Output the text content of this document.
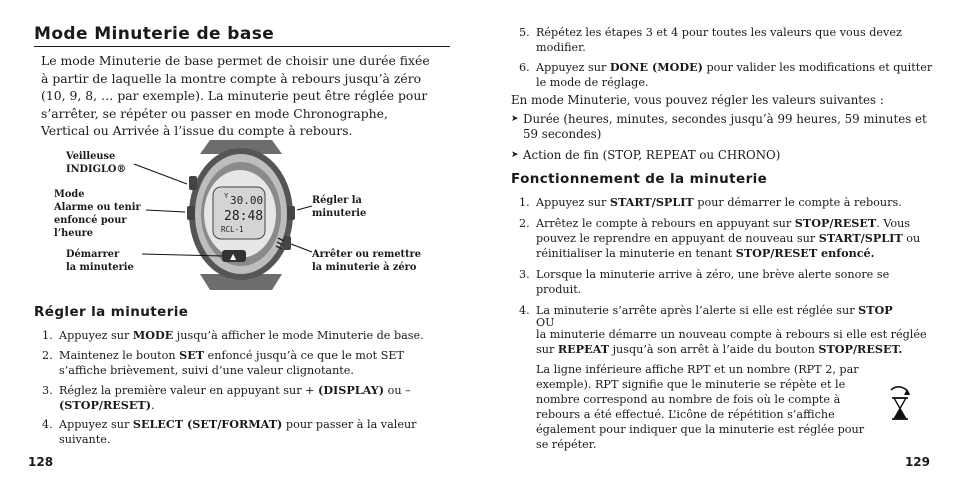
Mode Minuterie de base

Le mode Minuterie de base permet de choisir une durée fixée à partir de laquelle la montre compte à rebours jusqu’à zéro (10, 9, 8, … par exemple). La minuterie peut être réglée pour s’arrêter, se répéter ou passer en mode Chronographe, Vertical ou Arrivée à l’issue du compte à rebours.

Veilleuse
INDIGLO®
Mode
Alarme ou tenir
enfoncé pour
l’heure
Démarrer
la minuterie
Régler la
minuterie
Arrêter ou remettre
la minuterie à zéro
Y 30.00
28:48
RCL-1
▲
Régler la minuterie
1. Appuyez sur MODE jusqu’à afficher le mode Minuterie de base.
2. Maintenez le bouton SET enfoncé jusqu’à ce que le mot SET s’affiche brièvement, suivi d’une valeur clignotante.
3. Réglez la première valeur en appuyant sur + (DISPLAY) ou – (STOP/RESET).
4. Appuyez sur SELECT (SET/FORMAT) pour passer à la valeur suivante.
128
5. Répétez les étapes 3 et 4 pour toutes les valeurs que vous devez modifier.
6. Appuyez sur DONE (MODE) pour valider les modifications et quitter le mode de réglage.

En mode Minuterie, vous pouvez régler les valeurs suivantes :

➤ Durée (heures, minutes, secondes jusqu’à 99 heures, 59 minutes et 59 secondes)
➤ Action de fin (STOP, REPEAT ou CHRONO)
Fonctionnement de la minuterie
1. Appuyez sur START/SPLIT pour démarrer le compte à rebours.
2. Arrêtez le compte à rebours en appuyant sur STOP/RESET. Vous pouvez le reprendre en appuyant de nouveau sur START/SPLIT ou réinitialiser la minuterie en tenant STOP/RESET enfoncé.
3. Lorsque la minuterie arrive à zéro, une brève alerte sonore se produit.
4. La minuterie s’arrête après l’alerte si elle est réglée sur STOP

OU

la minuterie démarre un nouveau compte à rebours si elle est réglée sur REPEAT jusqu’à son arrêt à l’aide du bouton STOP/RESET.

La ligne inférieure affiche RPT et un nombre (RPT 2, par exemple). RPT signifie que le minuterie se répète et le nombre correspond au nombre de fois où le compte à rebours a été effectué. L’icône de répétition s’affiche également pour indiquer que la minuterie est réglée pour se répéter.

129
